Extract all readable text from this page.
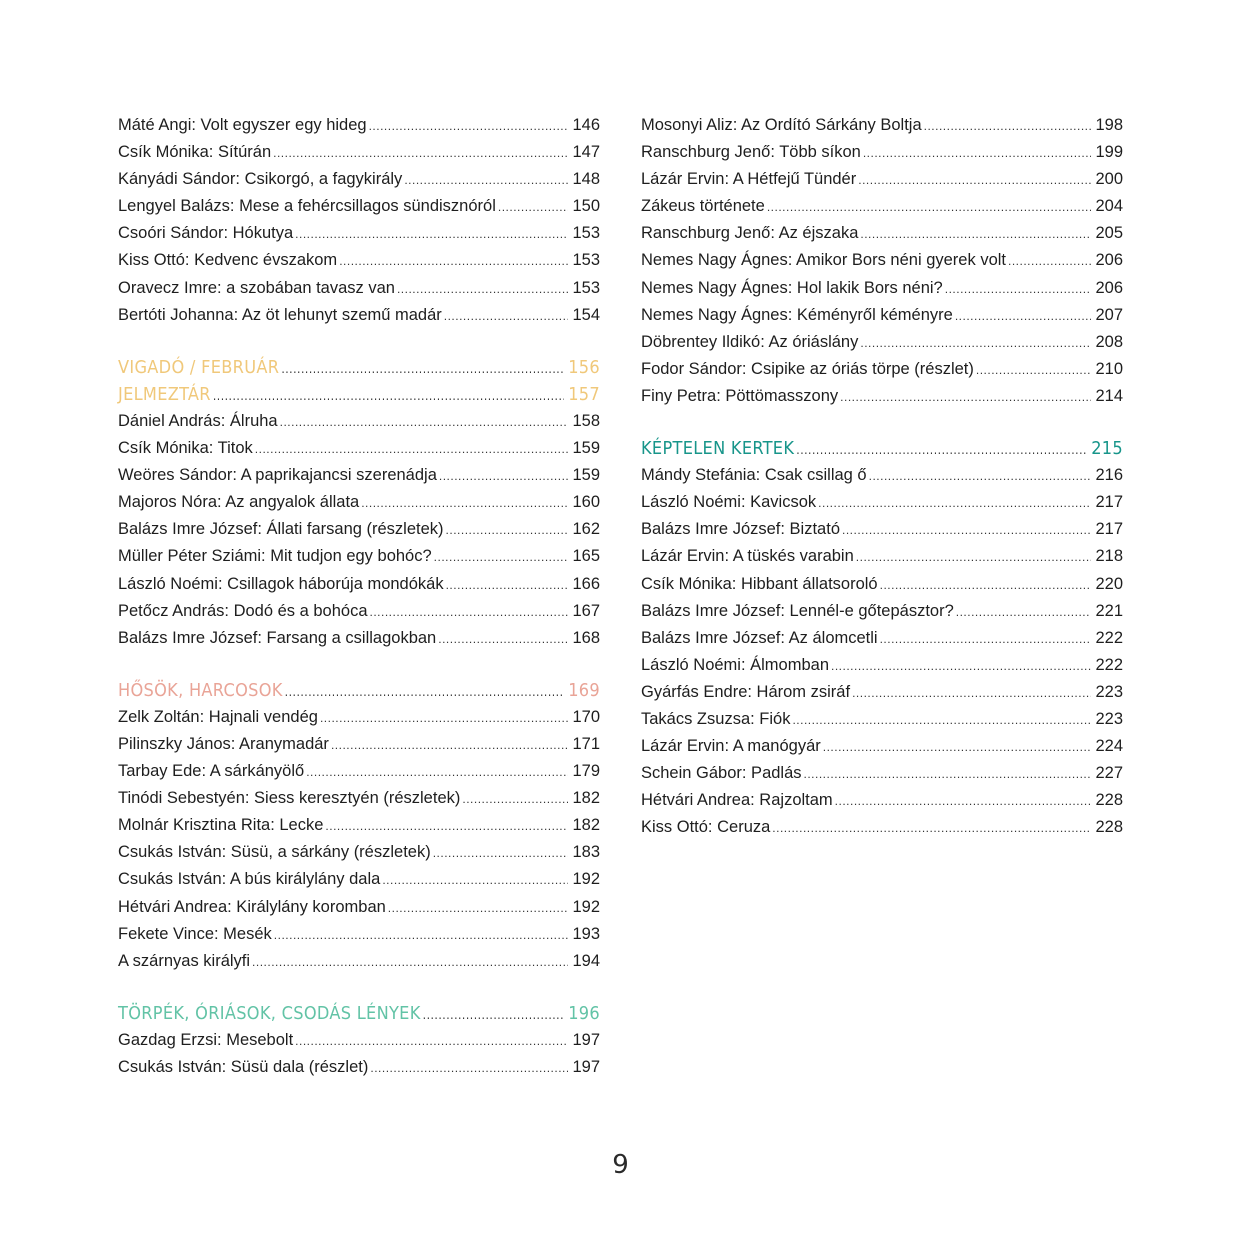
Máté Angi: Volt egyszer egy hideg .....	146
Csík Mónika: Sítúrán .....	147
Kányádi Sándor: Csikorgó, a fagykirály .....	148
Lengyel Balázs: Mese a fehércsillagos sündisznóról .....	150
Csoóri Sándor: Hókutya .....	153
Kiss Ottó: Kedvenc évszakom .....	153
Oravecz Imre: a szobában tavasz van .....	153
Bertóti Johanna: Az öt lehunyt szemű madár .....	154
VIGADÓ / FEBRUÁR .....	156
JELMEZTÁR .....	157
Dániel András: Álruha .....	158
Csík Mónika: Titok .....	159
Weöres Sándor: A paprikajancsi szerenádja .....	159
Majoros Nóra: Az angyalok állata .....	160
Balázs Imre József: Állati farsang (részletek) .....	162
Müller Péter Sziámi: Mit tudjon egy bohóc? .....	165
László Noémi: Csillagok háborúja mondókák .....	166
Petőcz András: Dodó és a bohóca .....	167
Balázs Imre József: Farsang a csillagokban .....	168
HŐSÖK, HARCOSOK .....	169
Zelk Zoltán: Hajnali vendég .....	170
Pilinszky János: Aranymadár .....	171
Tarbay Ede: A sárkányölő .....	179
Tinódi Sebestyén: Siess keresztyén (részletek) .....	182
Molnár Krisztina Rita: Lecke .....	182
Csukás István: Süsü, a sárkány (részletek) .....	183
Csukás István: A bús királylány dala .....	192
Hétvári Andrea: Királylány koromban .....	192
Fekete Vince: Mesék .....	193
A szárnyas királyfi .....	194
TÖRPÉK, ÓRIÁSOK, CSODÁS LÉNYEK .....	196
Gazdag Erzsi: Mesebolt .....	197
Csukás István: Süsü dala (részlet) .....	197
Mosonyi Aliz: Az Ordító Sárkány Boltja .....	198
Ranschburg Jenő: Több síkon .....	199
Lázár Ervin: A Hétfejű Tündér .....	200
Zákeus története .....	204
Ranschburg Jenő: Az éjszaka .....	205
Nemes Nagy Ágnes: Amikor Bors néni gyerek volt .....	206
Nemes Nagy Ágnes: Hol lakik Bors néni? .....	206
Nemes Nagy Ágnes: Kéményről kéményre .....	207
Döbrentey Ildikó: Az óriáslány .....	208
Fodor Sándor: Csipike az óriás törpe (részlet) .....	210
Finy Petra: Pöttömasszony .....	214
KÉPTELEN KERTEK .....	215
Mándy Stefánia: Csak csillag ő .....	216
László Noémi: Kavicsok .....	217
Balázs Imre József: Biztató .....	217
Lázár Ervin: A tüskés varabin .....	218
Csík Mónika: Hibbant állatsoroló .....	220
Balázs Imre József: Lennél-e gőtepásztor? .....	221
Balázs Imre József: Az álomcetli .....	222
László Noémi: Álmomban .....	222
Gyárfás Endre: Három zsiráf .....	223
Takács Zsuzsa: Fiók .....	223
Lázár Ervin: A manógyár .....	224
Schein Gábor: Padlás .....	227
Hétvári Andrea: Rajzoltam .....	228
Kiss Ottó: Ceruza .....	228
9
